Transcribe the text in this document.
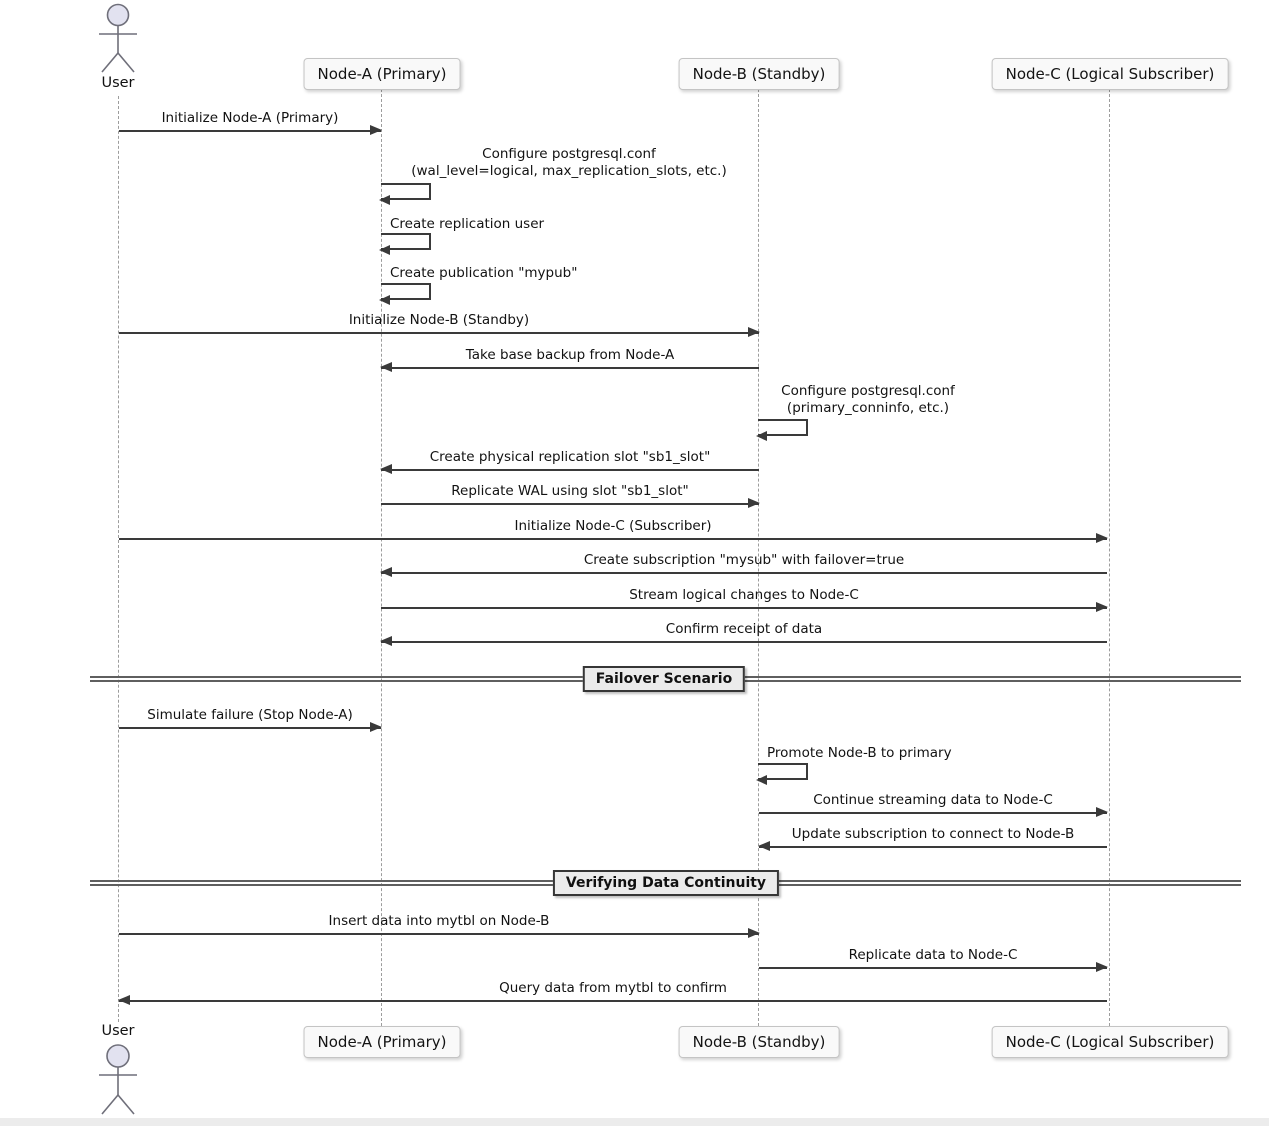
User	Node-A (Primary)	Node-B (Standby)	Node-C (Logical Subscriber)
Initialize Node-A (Primary)
Configure postgresql.conf
(wal_level=logical, max_replication_slots, etc.)
Create replication user
Create publication "mypub"
Initialize Node-B (Standby)
Take base backup from Node-A
Configure postgresql.conf
(primary_conninfo, etc.)
Create physical replication slot "sb1_slot"
Replicate WAL using slot "sb1_slot"
Initialize Node-C (Subscriber)
Create subscription "mysub" with failover=true
Stream logical changes to Node-C
Confirm receipt of data
Failover Scenario
Simulate failure (Stop Node-A)
Promote Node-B to primary
Continue streaming data to Node-C
Update subscription to connect to Node-B
Verifying Data Continuity
Insert data into mytbl on Node-B
Replicate data to Node-C
Query data from mytbl to confirm
Node-A (Primary)	Node-B (Standby)	Node-C (Logical Subscriber)
User
